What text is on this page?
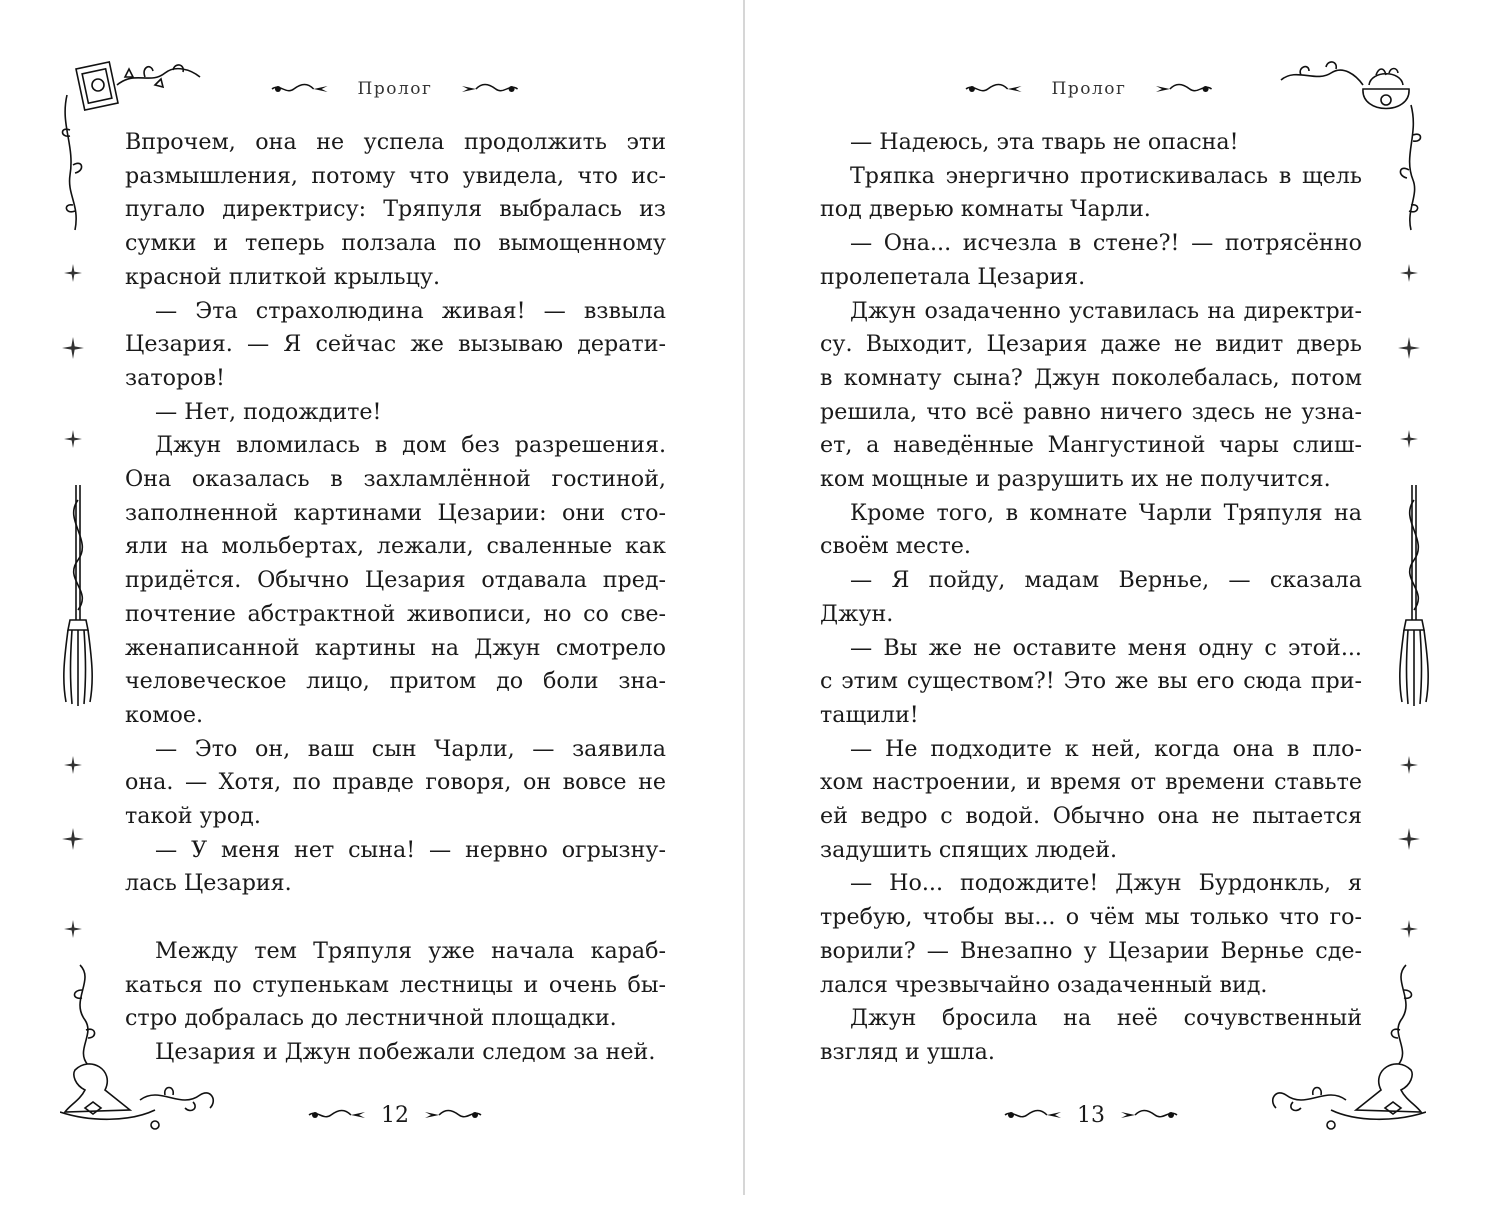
Пролог
Впрочем, она не успела продолжить эти
размышления, потому что увидела, что ис-
пугало директрису: Тряпуля выбралась из
сумки и теперь ползала по вымощенному
красной плиткой крыльцу.
— Эта страхолюдина живая! — взвыла
Цезария. — Я сейчас же вызываю дерати-
заторов!
— Нет, подождите!
Джун вломилась в дом без разрешения.
Она оказалась в захламлённой гостиной,
заполненной картинами Цезарии: они сто-
яли на мольбертах, лежали, сваленные как
придётся. Обычно Цезария отдавала пред-
почтение абстрактной живописи, но со све-
женаписанной картины на Джун смотрело
человеческое лицо, притом до боли зна-
комое.
— Это он, ваш сын Чарли, — заявила
она. — Хотя, по правде говоря, он вовсе не
такой урод.
— У меня нет сына! — нервно огрызну-
лась Цезария.
Между тем Тряпуля уже начала караб-
каться по ступенькам лестницы и очень бы-
стро добралась до лестничной площадки.
Цезария и Джун побежали следом за ней.
12
Пролог
— Надеюсь, эта тварь не опасна!
Тряпка энергично протискивалась в щель
под дверью комнаты Чарли.
— Она... исчезла в стене?! — потрясённо
пролепетала Цезария.
Джун озадаченно уставилась на директри-
су. Выходит, Цезария даже не видит дверь
в комнату сына? Джун поколебалась, потом
решила, что всё равно ничего здесь не узна-
ет, а наведённые Мангустиной чары слиш-
ком мощные и разрушить их не получится.
Кроме того, в комнате Чарли Тряпуля на
своём месте.
— Я пойду, мадам Вернье, — сказала
Джун.
— Вы же не оставите меня одну с этой...
с этим существом?! Это же вы его сюда при-
тащили!
— Не подходите к ней, когда она в пло-
хом настроении, и время от времени ставьте
ей ведро с водой. Обычно она не пытается
задушить спящих людей.
— Но... подождите! Джун Бурдонкль, я
требую, чтобы вы... о чём мы только что го-
ворили? — Внезапно у Цезарии Вернье сде-
лался чрезвычайно озадаченный вид.
Джун бросила на неё сочувственный
взгляд и ушла.
13
